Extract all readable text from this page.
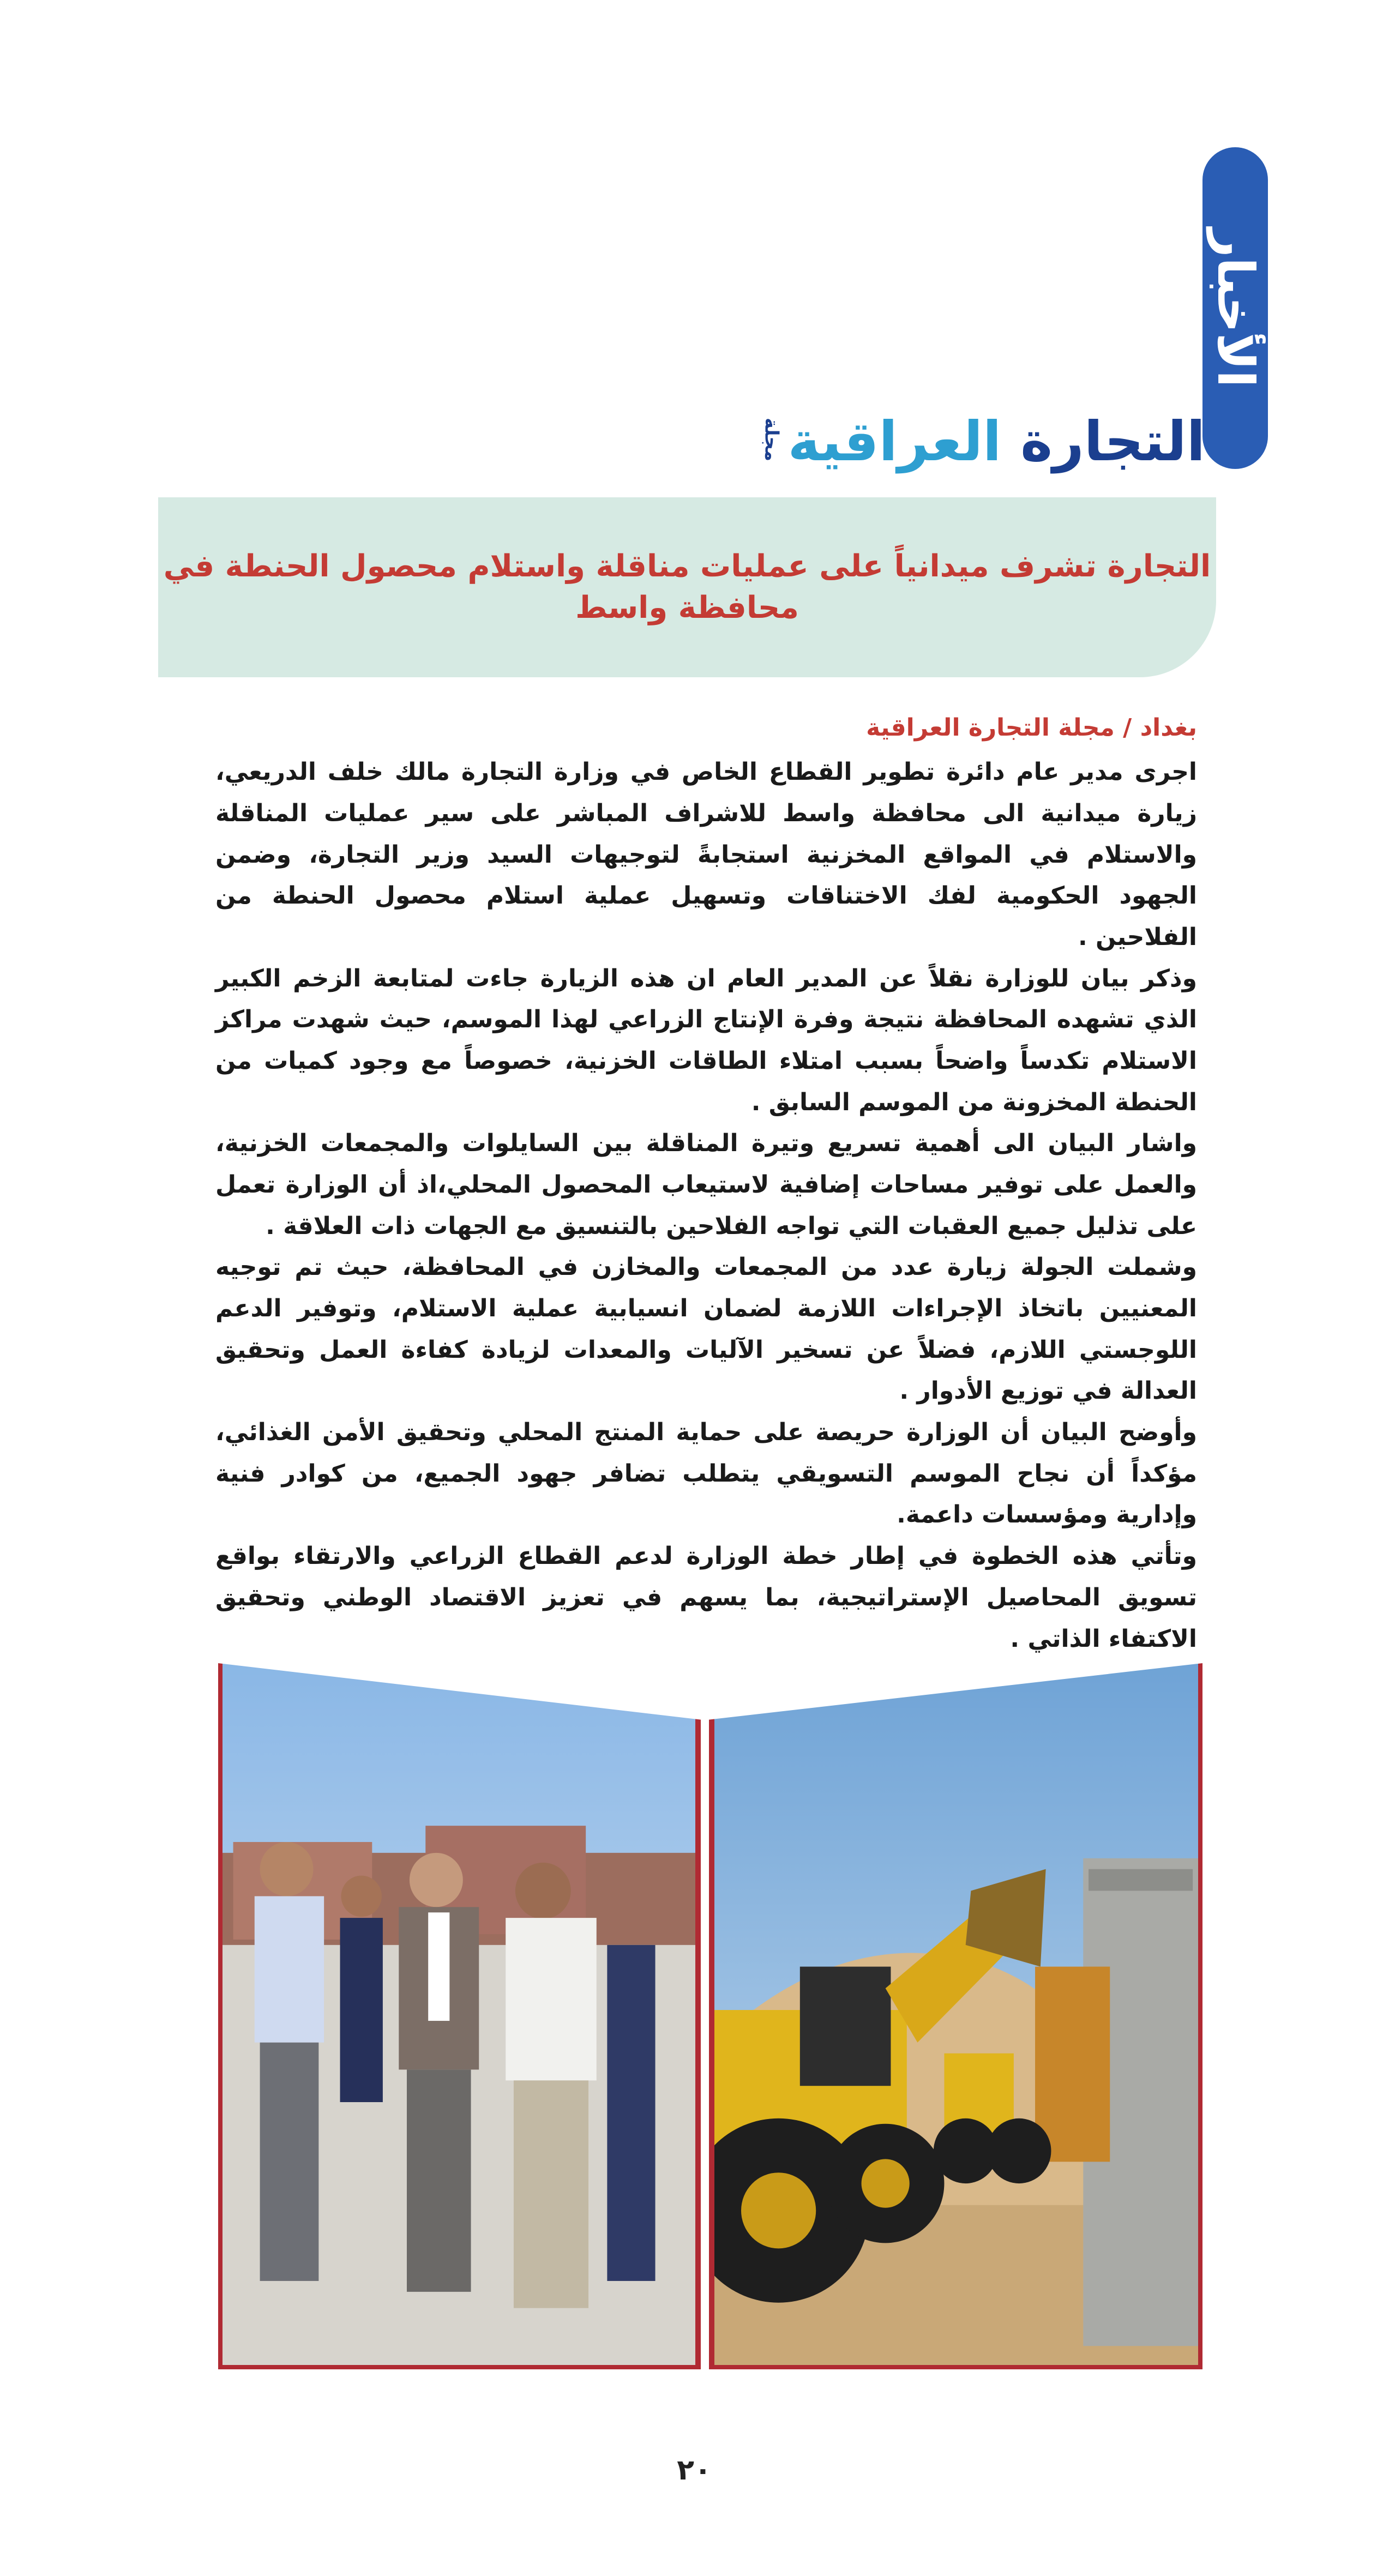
الأخبار
التجارة العراقية
مجلة
التجارة تشرف ميدانياً على عمليات مناقلة واستلام محصول الحنطة في محافظة واسط

بغداد / مجلة التجارة العراقية

اجرى مدير عام دائرة تطوير القطاع الخاص في وزارة التجارة مالك خلف الدريعي، زيارة ميدانية الى محافظة واسط للاشراف المباشر على سير عمليات المناقلة والاستلام في المواقع المخزنية استجابةً لتوجيهات السيد وزير التجارة، وضمن الجهود الحكومية لفك الاختناقات وتسهيل عملية استلام محصول الحنطة من الفلاحين .

وذكر بيان للوزارة نقلاً عن المدير العام ان هذه الزيارة جاءت لمتابعة الزخم الكبير الذي تشهده المحافظة نتيجة وفرة الإنتاج الزراعي لهذا الموسم، حيث شهدت مراكز الاستلام تكدساً واضحاً بسبب امتلاء الطاقات الخزنية، خصوصاً مع وجود كميات من الحنطة المخزونة من الموسم السابق .

واشار البيان الى أهمية تسريع وتيرة المناقلة بين السايلوات والمجمعات الخزنية، والعمل على توفير مساحات إضافية لاستيعاب المحصول المحلي،اذ أن الوزارة تعمل على تذليل جميع العقبات التي تواجه الفلاحين بالتنسيق مع الجهات ذات العلاقة .

وشملت الجولة زيارة عدد من المجمعات والمخازن في المحافظة، حيث تم توجيه المعنيين باتخاذ الإجراءات اللازمة لضمان انسيابية عملية الاستلام، وتوفير الدعم اللوجستي اللازم، فضلاً عن تسخير الآليات والمعدات لزيادة كفاءة العمل وتحقيق العدالة في توزيع الأدوار .

وأوضح البيان أن الوزارة حريصة على حماية المنتج المحلي وتحقيق الأمن الغذائي، مؤكداً أن نجاح الموسم التسويقي يتطلب تضافر جهود الجميع، من كوادر فنية وإدارية ومؤسسات داعمة.

وتأتي هذه الخطوة في إطار خطة الوزارة لدعم القطاع الزراعي والارتقاء بواقع تسويق المحاصيل الإستراتيجية، بما يسهم في تعزيز الاقتصاد الوطني وتحقيق الاكتفاء الذاتي .

٢٠
